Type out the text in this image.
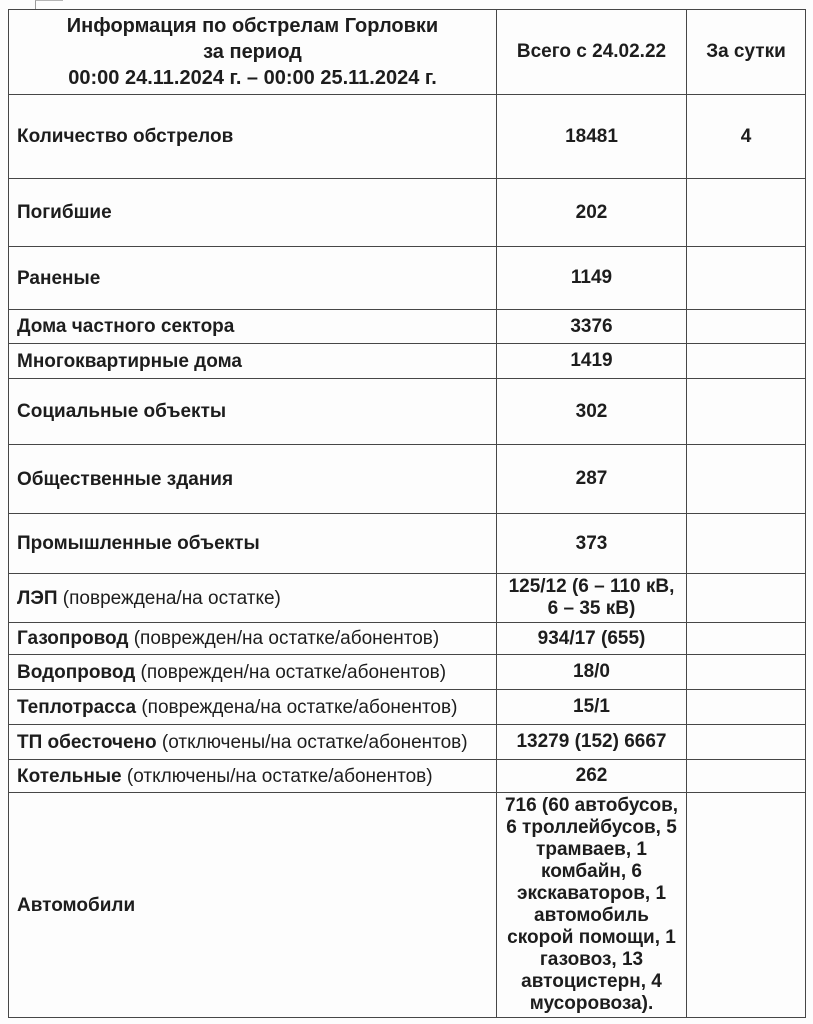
Информация по обстрелам Горловки
за период
00:00 24.11.2024 г. – 00:00 25.11.2024 г.	Всего с 24.02.22	За сутки
Количество обстрелов	18481	4
Погибшие	202	
Раненые	1149	
Дома частного сектора	3376	
Многоквартирные дома	1419	
Социальные объекты	302	
Общественные здания	287	
Промышленные объекты	373	
ЛЭП (повреждена/на остатке)	125/12 (6 – 110 кВ, 6 – 35 кВ)	
Газопровод (поврежден/на остатке/абонентов)	934/17 (655)	
Водопровод (поврежден/на остатке/абонентов)	18/0	
Теплотрасса (повреждена/на остатке/абонентов)	15/1	
ТП обесточено (отключены/на остатке/абонентов)	13279 (152) 6667	
Котельные (отключены/на остатке/абонентов)	262	
Автомобили	716 (60 автобусов, 6 троллейбусов, 5 трамваев, 1 комбайн, 6 экскаваторов, 1 автомобиль скорой помощи, 1 газовоз, 13 автоцистерн, 4 мусоровоза).	
